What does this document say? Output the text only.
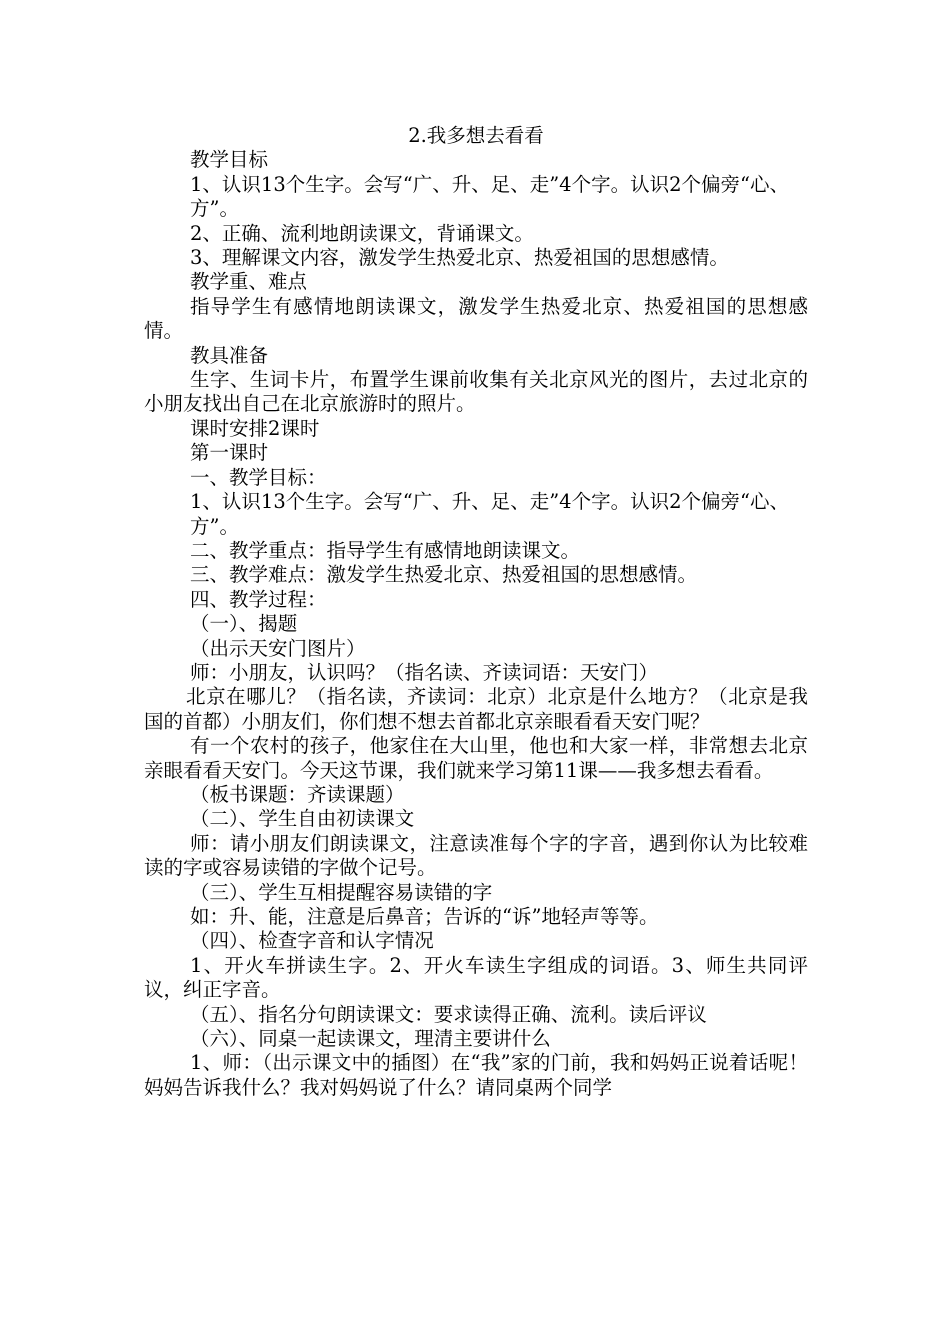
2.我多想去看看

教学目标

1、认识13个生字。会写“广、升、足、走”4个字。认识2个偏旁“心、

方”。

2、正确、流利地朗读课文，背诵课文。

3、理解课文内容，激发学生热爱北京、热爱祖国的思想感情。

教学重、难点

指导学生有感情地朗读课文，激发学生热爱北京、热爱祖国的思想感情。

教具准备

生字、生词卡片，布置学生课前收集有关北京风光的图片，去过北京的小朋友找出自己在北京旅游时的照片。

课时安排2课时

第一课时

一、教学目标：

1、认识13个生字。会写“广、升、足、走”4个字。认识2个偏旁“心、

方”。

二、教学重点：指导学生有感情地朗读课文。

三、教学难点：激发学生热爱北京、热爱祖国的思想感情。

四、教学过程：

（一）、揭题

（出示天安门图片）

师：小朋友，认识吗？（指名读、齐读词语：天安门）

北京在哪儿？（指名读，齐读词：北京）北京是什么地方？（北京是我国的首都）小朋友们，你们想不想去首都北京亲眼看看天安门呢？

有一个农村的孩子，他家住在大山里，他也和大家一样，非常想去北京亲眼看看天安门。今天这节课，我们就来学习第11课——我多想去看看。

（板书课题：齐读课题）

（二）、学生自由初读课文

师：请小朋友们朗读课文，注意读准每个字的字音，遇到你认为比较难读的字或容易读错的字做个记号。

（三）、学生互相提醒容易读错的字

如：升、能，注意是后鼻音；告诉的“诉”地轻声等等。

（四）、检查字音和认字情况

1、开火车拼读生字。2、开火车读生字组成的词语。3、师生共同评议，纠正字音。

（五）、指名分句朗读课文：要求读得正确、流利。读后评议

（六）、同桌一起读课文，理清主要讲什么

1、师：（出示课文中的插图）在“我”家的门前，我和妈妈正说着话呢！妈妈告诉我什么？我对妈妈说了什么？请同桌两个同学
